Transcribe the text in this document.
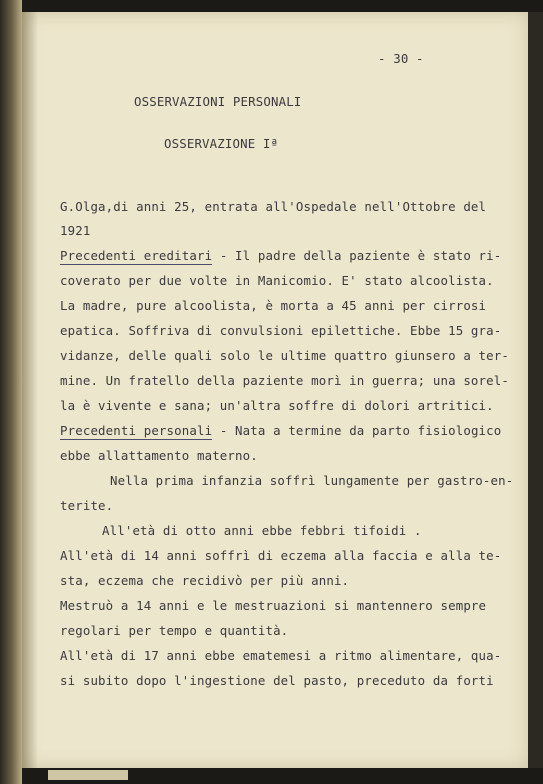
- 30 -

OSSERVAZIONI PERSONALI

OSSERVAZIONE Iª

G.Olga,di anni 25, entrata all'Ospedale nell'Ottobre del

1921

Precedenti ereditari - Il padre della paziente è stato ri-

coverato per due volte in Manicomio. E' stato alcoolista.

La madre, pure alcoolista, è morta a 45 anni per cirrosi

epatica. Soffriva di convulsioni epilettiche. Ebbe 15 gra-

vidanze, delle quali solo le ultime quattro giunsero a ter-

mine. Un fratello della paziente morì in guerra; una sorel-

la è vivente e sana; un'altra soffre di dolori artritici.

Precedenti personali - Nata a termine da parto fisiologico

ebbe allattamento materno.

Nella prima infanzia soffrì lungamente per gastro-en-

terite.

All'età di otto anni ebbe febbri tifoidi .

All'età di 14 anni soffrì di eczema alla faccia e alla te-

sta, eczema che recidivò per più anni.

Mestruò a 14 anni e le mestruazioni si mantennero sempre

regolari per tempo e quantità.

All'età di 17 anni ebbe ematemesi a ritmo alimentare, qua-

si subito dopo l'ingestione del pasto, preceduto da forti
